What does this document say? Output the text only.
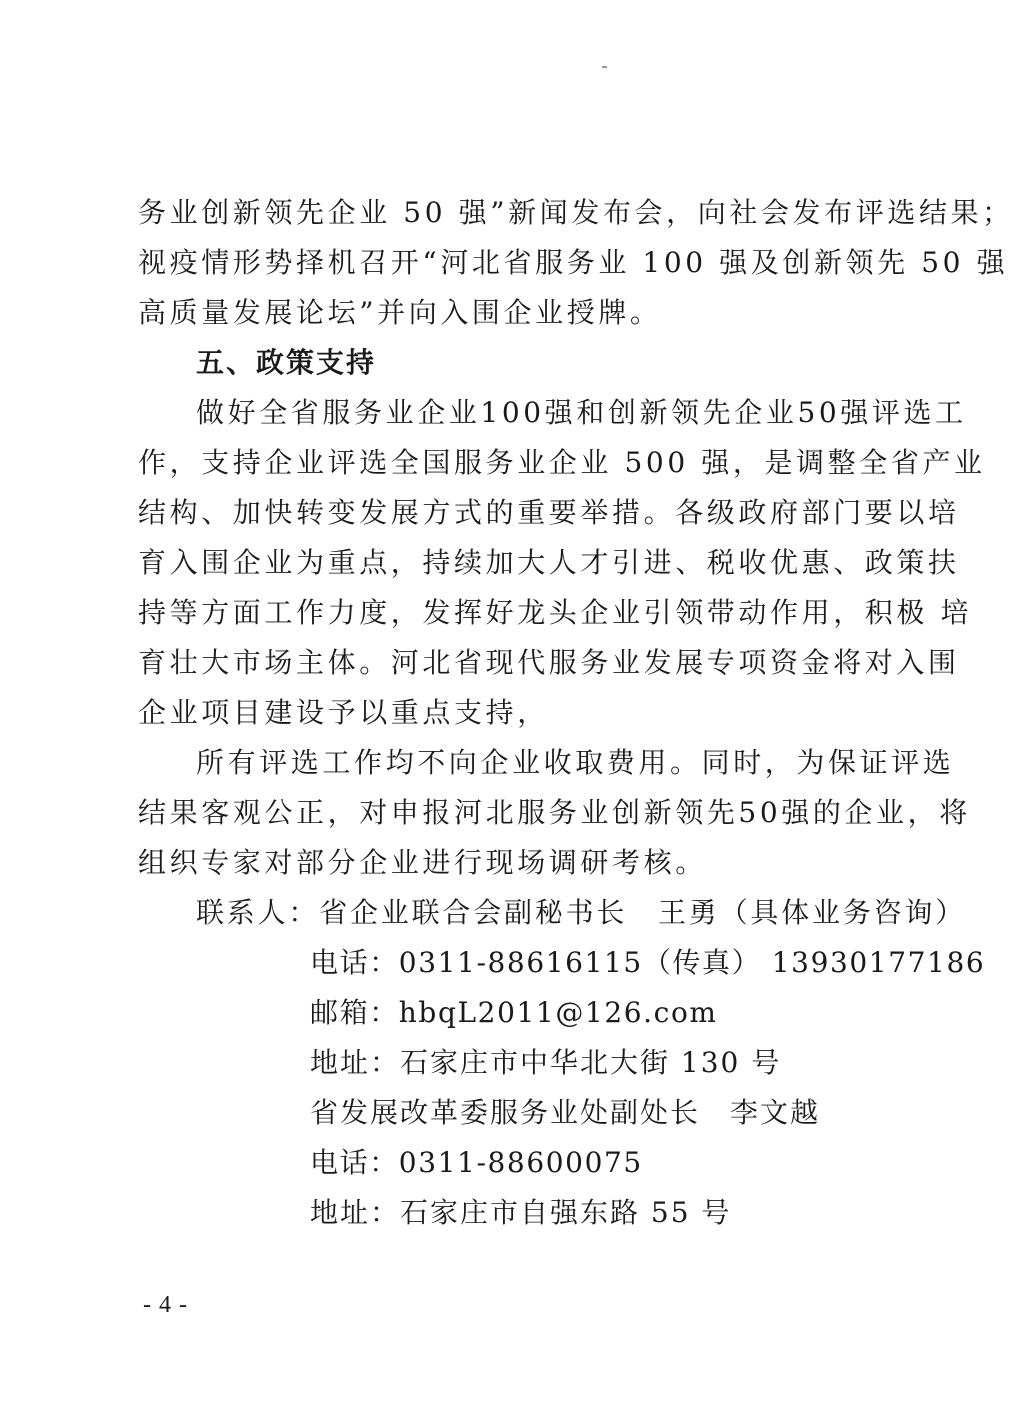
务业创新领先企业 50 强”新闻发布会，向社会发布评选结果；
视疫情形势择机召开“河北省服务业 100 强及创新领先 50 强
高质量发展论坛”并向入围企业授牌。
五、政策支持
做好全省服务业企业100强和创新领先企业50强评选工
作，支持企业评选全国服务业企业 500 强，是调整全省产业
结构、加快转变发展方式的重要举措。各级政府部门要以培
育入围企业为重点，持续加大人才引进、税收优惠、政策扶
持等方面工作力度，发挥好龙头企业引领带动作用，积极 培
育壮大市场主体。河北省现代服务业发展专项资金将对入围
企业项目建设予以重点支持，
所有评选工作均不向企业收取费用。同时，为保证评选
结果客观公正，对申报河北服务业创新领先50强的企业，将
组织专家对部分企业进行现场调研考核。
联系人：省企业联合会副秘书长　王勇（具体业务咨询）
电话：0311-88616115（传真） 13930177186
邮箱：hbqL2011@126.com
地址：石家庄市中华北大街 130 号
省发展改革委服务业处副处长　李文越
电话：0311-88600075
地址：石家庄市自强东路 55 号
- 4 -
